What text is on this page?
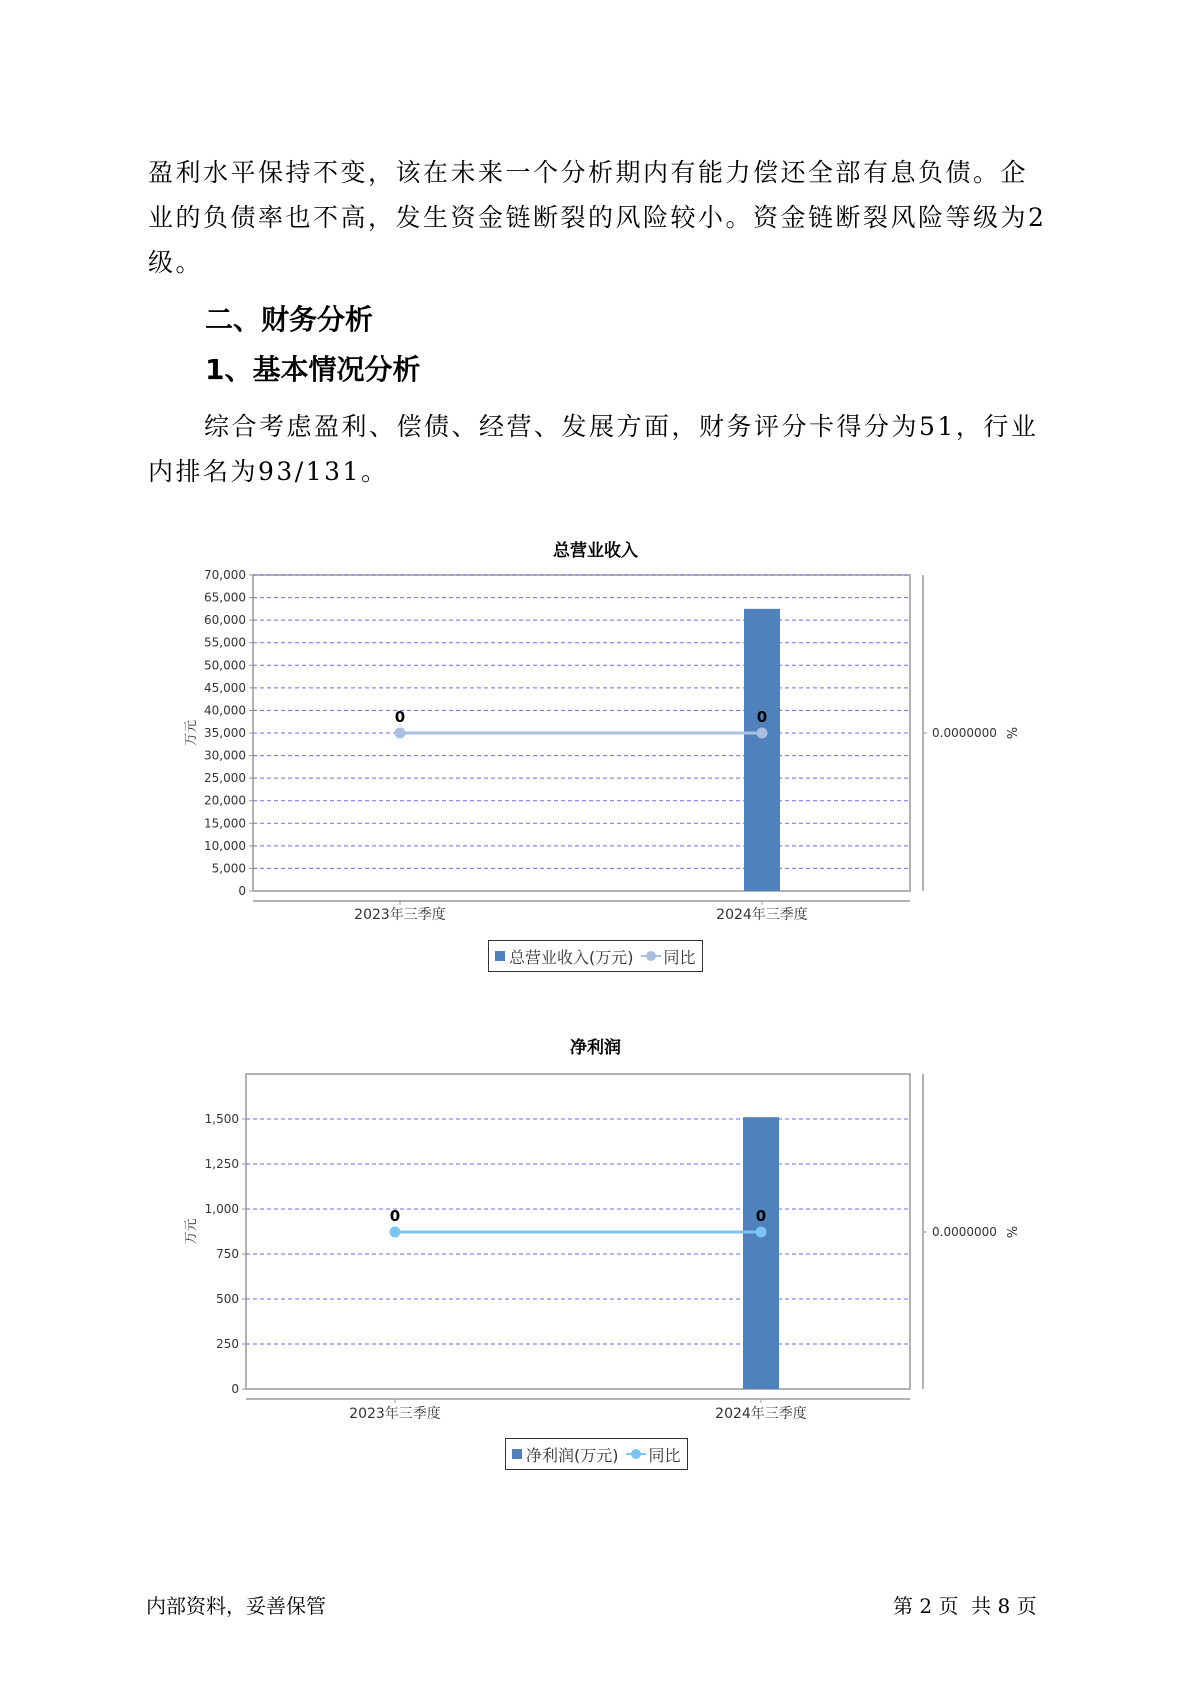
盈利水平保持不变，该在未来一个分析期内有能力偿还全部有息负债。企业的负债率也不高，发生资金链断裂的风险较小。资金链断裂风险等级为2级。

二、财务分析
1、基本情况分析

综合考虑盈利、偿债、经营、发展方面，财务评分卡得分为51，行业内排名为93/131。

总营业收入
0
5,000
10,000
15,000
20,000
25,000
30,000
35,000
40,000
45,000
50,000
55,000
60,000
65,000
70,000
万元	0.0000000 %
0	0
2023年三季度	2024年三季度
总营业收入(万元) 同比
净利润
0
250
500
750
1,000
1,250
1,500
万元	0.0000000 %
0	0
2023年三季度	2024年三季度
净利润(万元) 同比
内部资料，妥善保管	第 2 页  共 8 页
